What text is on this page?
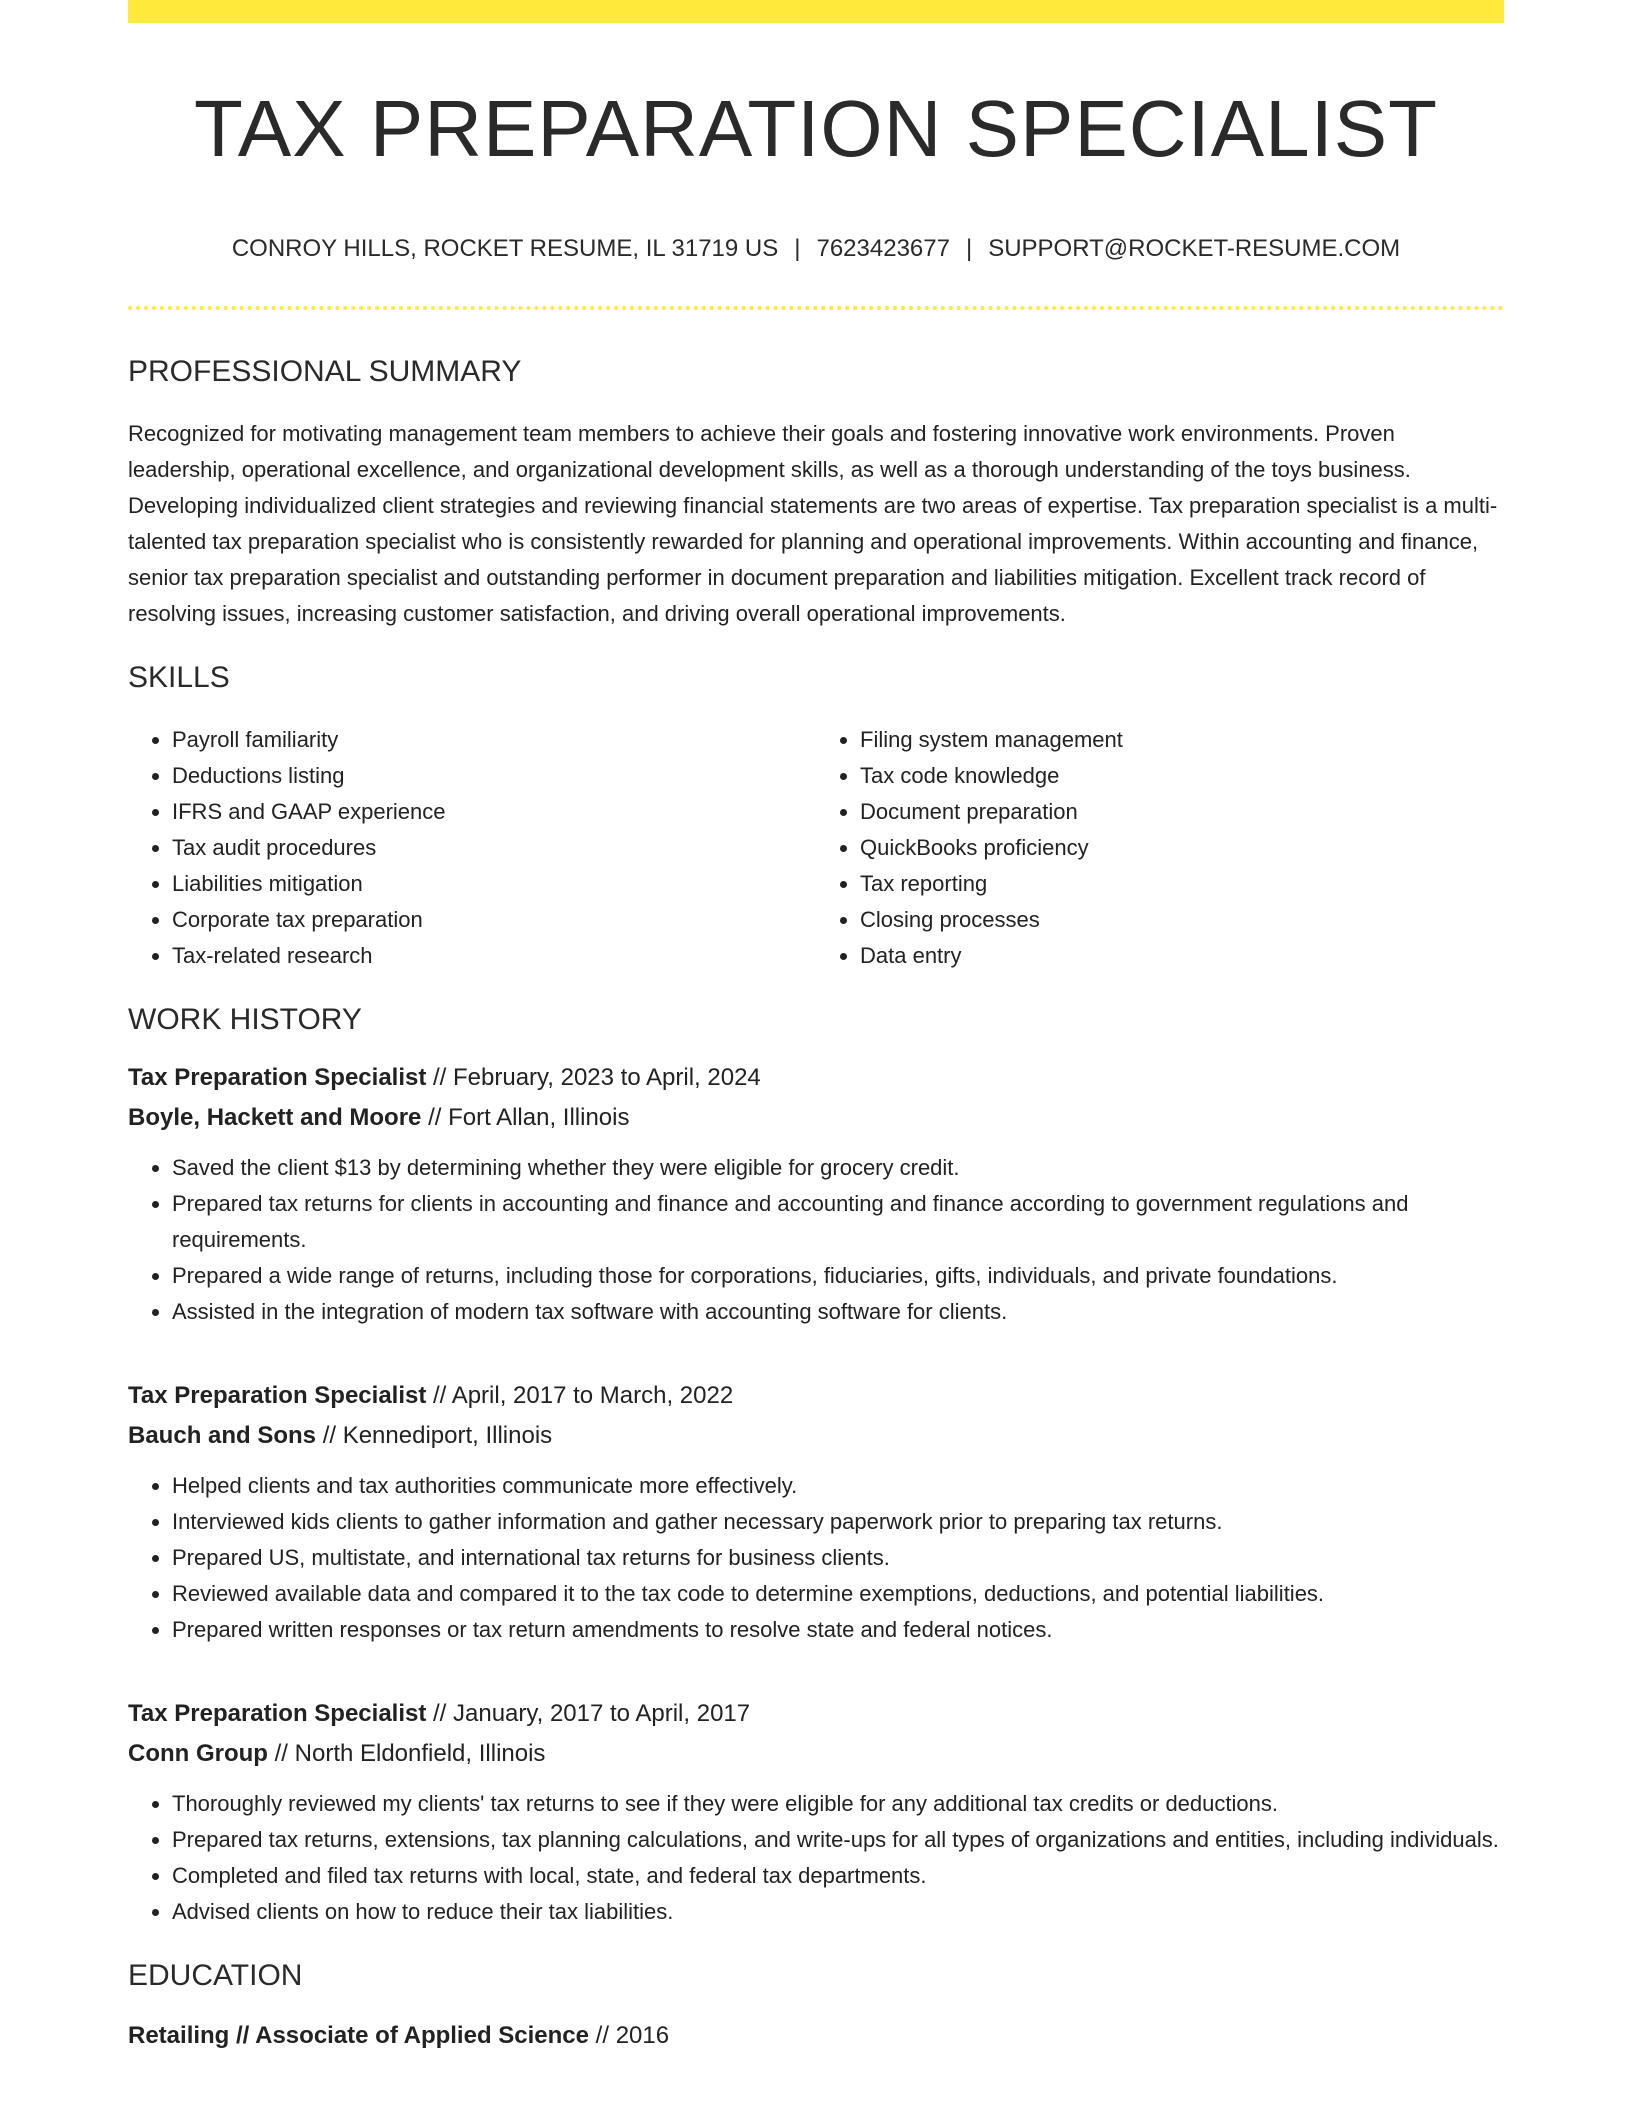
TAX PREPARATION SPECIALIST
CONROY HILLS, ROCKET RESUME, IL 31719 US | 7623423677 | SUPPORT@ROCKET-RESUME.COM
PROFESSIONAL SUMMARY

Recognized for motivating management team members to achieve their goals and fostering innovative work environments. Proven leadership, operational excellence, and organizational development skills, as well as a thorough understanding of the toys business. Developing individualized client strategies and reviewing financial statements are two areas of expertise. Tax preparation specialist is a multi-talented tax preparation specialist who is consistently rewarded for planning and operational improvements. Within accounting and finance, senior tax preparation specialist and outstanding performer in document preparation and liabilities mitigation. Excellent track record of resolving issues, increasing customer satisfaction, and driving overall operational improvements.

SKILLS
• Payroll familiarity
• Deductions listing
• IFRS and GAAP experience
• Tax audit procedures
• Liabilities mitigation
• Corporate tax preparation
• Tax-related research
• Filing system management
• Tax code knowledge
• Document preparation
• QuickBooks proficiency
• Tax reporting
• Closing processes
• Data entry
WORK HISTORY
Tax Preparation Specialist // February, 2023 to April, 2024
Boyle, Hackett and Moore // Fort Allan, Illinois
• Saved the client $13 by determining whether they were eligible for grocery credit.
• Prepared tax returns for clients in accounting and finance and accounting and finance according to government regulations and requirements.
• Prepared a wide range of returns, including those for corporations, fiduciaries, gifts, individuals, and private foundations.
• Assisted in the integration of modern tax software with accounting software for clients.
Tax Preparation Specialist // April, 2017 to March, 2022
Bauch and Sons // Kennediport, Illinois
• Helped clients and tax authorities communicate more effectively.
• Interviewed kids clients to gather information and gather necessary paperwork prior to preparing tax returns.
• Prepared US, multistate, and international tax returns for business clients.
• Reviewed available data and compared it to the tax code to determine exemptions, deductions, and potential liabilities.
• Prepared written responses or tax return amendments to resolve state and federal notices.
Tax Preparation Specialist // January, 2017 to April, 2017
Conn Group // North Eldonfield, Illinois
• Thoroughly reviewed my clients' tax returns to see if they were eligible for any additional tax credits or deductions.
• Prepared tax returns, extensions, tax planning calculations, and write-ups for all types of organizations and entities, including individuals.
• Completed and filed tax returns with local, state, and federal tax departments.
• Advised clients on how to reduce their tax liabilities.
EDUCATION
Retailing // Associate of Applied Science // 2016
